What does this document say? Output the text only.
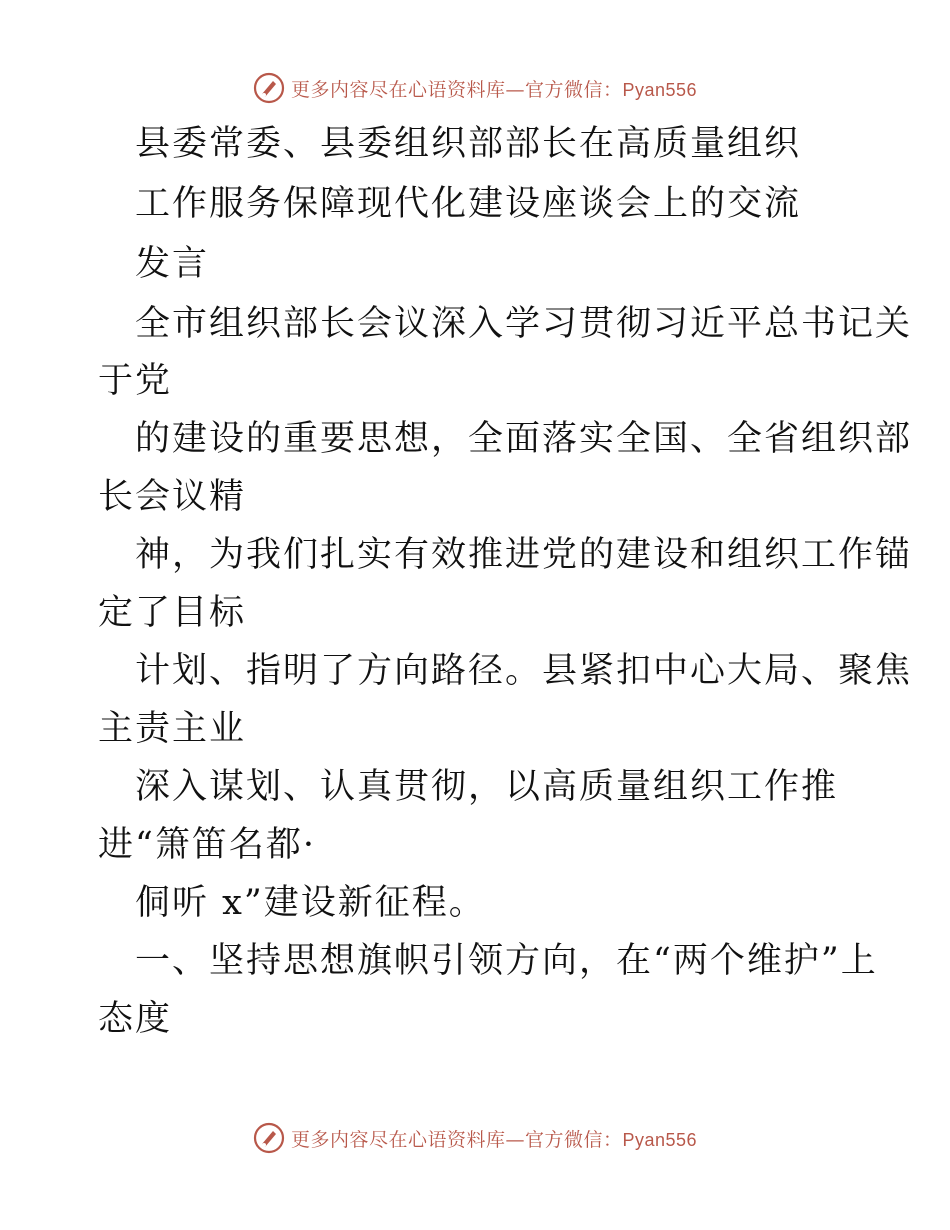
更多内容尽在心语资料库—官方微信：Pyan556
县委常委、县委组织部部长在高质量组织
工作服务保障现代化建设座谈会上的交流
发言
全市组织部长会议深入学习贯彻习近平总书记关
于党
的建设的重要思想，全面落实全国、全省组织部
长会议精
神，为我们扎实有效推进党的建设和组织工作锚
定了目标
计划、指明了方向路径。县紧扣中心大局、聚焦
主责主业
深入谋划、认真贯彻，以高质量组织工作推
进“箫笛名都·
侗听 x”建设新征程。
一、坚持思想旗帜引领方向，在“两个维护”上
态度
更多内容尽在心语资料库—官方微信：Pyan556
